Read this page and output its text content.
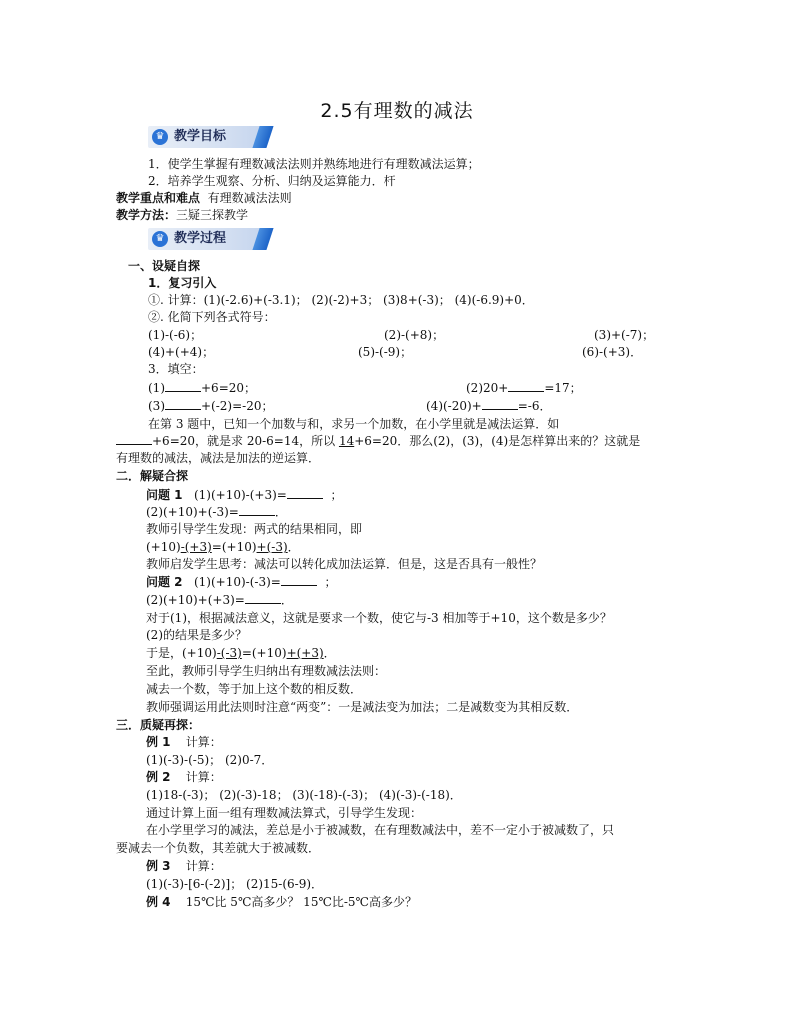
2.5有理数的减法
♛ 教学目标
1．使学生掌握有理数减法法则并熟练地进行有理数减法运算；
2．培养学生观察、分析、归纳及运算能力．杆
教学重点和难点 有理数减法法则
教学方法：三疑三探教学
♛ 教学过程
一、设疑自探
1．复习引入
①. 计算：(1)(-2.6)+(-3.1)； (2)(-2)+3； (3)8+(-3)； (4)(-6.9)+0．
②. 化简下列各式符号：
(1)-(-6)；	(2)-(+8)；	(3)+(-7)；
(4)+(+4)；	(5)-(-9)；	(6)-(+3)．
3．填空：
(1)	+6=20；	(2)20+	=17；
(3)	+(-2)=-20；	(4)(-20)+	=-6．
在第 3 题中，已知一个加数与和，求另一个加数，在小学里就是减法运算．如
+6=20，就是求 20-6=14，所以 14+6=20．那么(2)，(3)，(4)是怎样算出来的？这就是
有理数的减法，减法是加法的逆运算．
二．解疑合探
问题 1 (1)(+10)-(+3)=	；
(2)(+10)+(-3)=	．
教师引导学生发现：两式的结果相同，即
(+10)-(+3)=(+10)+(-3)．
教师启发学生思考：减法可以转化成加法运算．但是，这是否具有一般性？
问题 2 (1)(+10)-(-3)=	；
(2)(+10)+(+3)=	．
对于(1)，根据减法意义，这就是要求一个数，使它与-3 相加等于+10，这个数是多少？
(2)的结果是多少？
于是，(+10)-(-3)=(+10)+(+3)．
至此，教师引导学生归纳出有理数减法法则：
减去一个数，等于加上这个数的相反数．
教师强调运用此法则时注意“两变”：一是减法变为加法；二是减数变为其相反数．
三．质疑再探：
例 1 计算：
(1)(-3)-(-5)； (2)0-7．
例 2 计算：
(1)18-(-3)； (2)(-3)-18； (3)(-18)-(-3)； (4)(-3)-(-18)．
通过计算上面一组有理数减法算式，引导学生发现：
在小学里学习的减法，差总是小于被减数，在有理数减法中，差不一定小于被减数了，只
要减去一个负数，其差就大于被减数．
例 3 计算：
(1)(-3)-[6-(-2)]； (2)15-(6-9)．
例 4 15℃比 5℃高多少？ 15℃比-5℃高多少？
